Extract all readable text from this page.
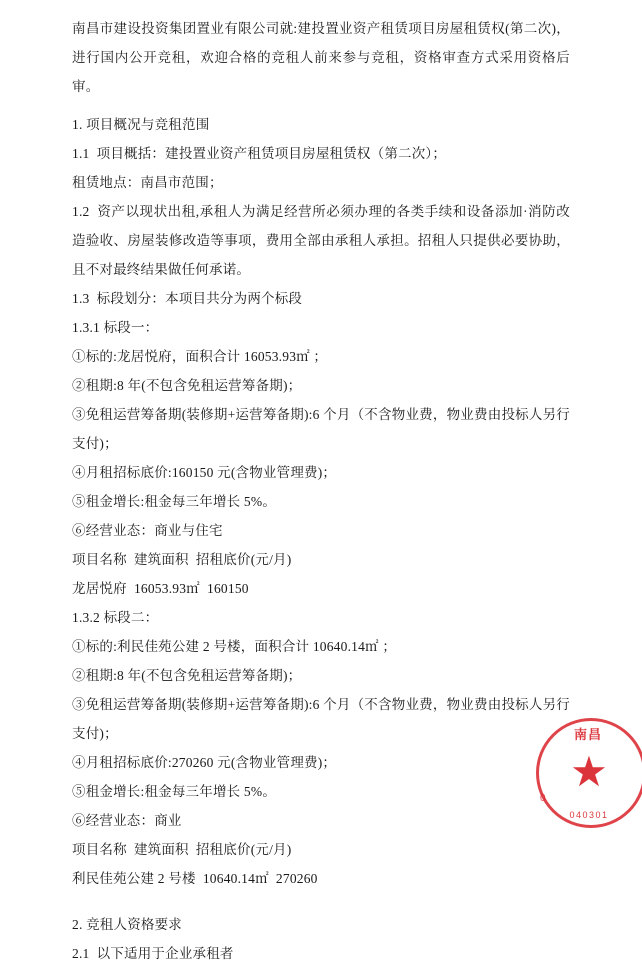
南昌市建设投资集团置业有限公司就:建投置业资产租赁项目房屋租赁权(第二次)，进行国内公开竞租，欢迎合格的竞租人前来参与竞租，资格审查方式采用资格后审。

1. 项目概况与竞租范围

1.1  项目概括：建投置业资产租赁项目房屋租赁权（第二次）；

租赁地点：南昌市范围；

1.2  资产以现状出租,承租人为满足经营所必须办理的各类手续和设备添加·消防改造验收、房屋装修改造等事项，费用全部由承租人承担。招租人只提供必要协助，且不对最终结果做任何承诺。

1.3  标段划分：本项目共分为两个标段

1.3.1 标段一：

①标的:龙居悦府，面积合计 16053.93㎡ ；

②租期:8 年(不包含免租运营筹备期)；

③免租运营筹备期(装修期+运营筹备期):6 个月（不含物业费，物业费由投标人另行支付)；

④月租招标底价:160150 元(含物业管理费)；

⑤租金增长:租金每三年增长 5%。

⑥经营业态：商业与住宅

项目名称  建筑面积  招租底价(元/月)

龙居悦府  16053.93㎡  160150

1.3.2 标段二：

①标的:利民佳苑公建 2 号楼，面积合计 10640.14㎡ ；

②租期:8 年(不包含免租运营筹备期)；

③免租运营筹备期(装修期+运营筹备期):6 个月（不含物业费，物业费由投标人另行支付)；

④月租招标底价:270260 元(含物业管理费)；

⑤租金增长:租金每三年增长 5%。

⑥经营业态：商业

项目名称  建筑面积  招租底价(元/月)

利民佳苑公建 2 号楼  10640.14㎡  270260

2. 竞租人资格要求

2.1  以下适用于企业承租者

南昌
★
0
040301
